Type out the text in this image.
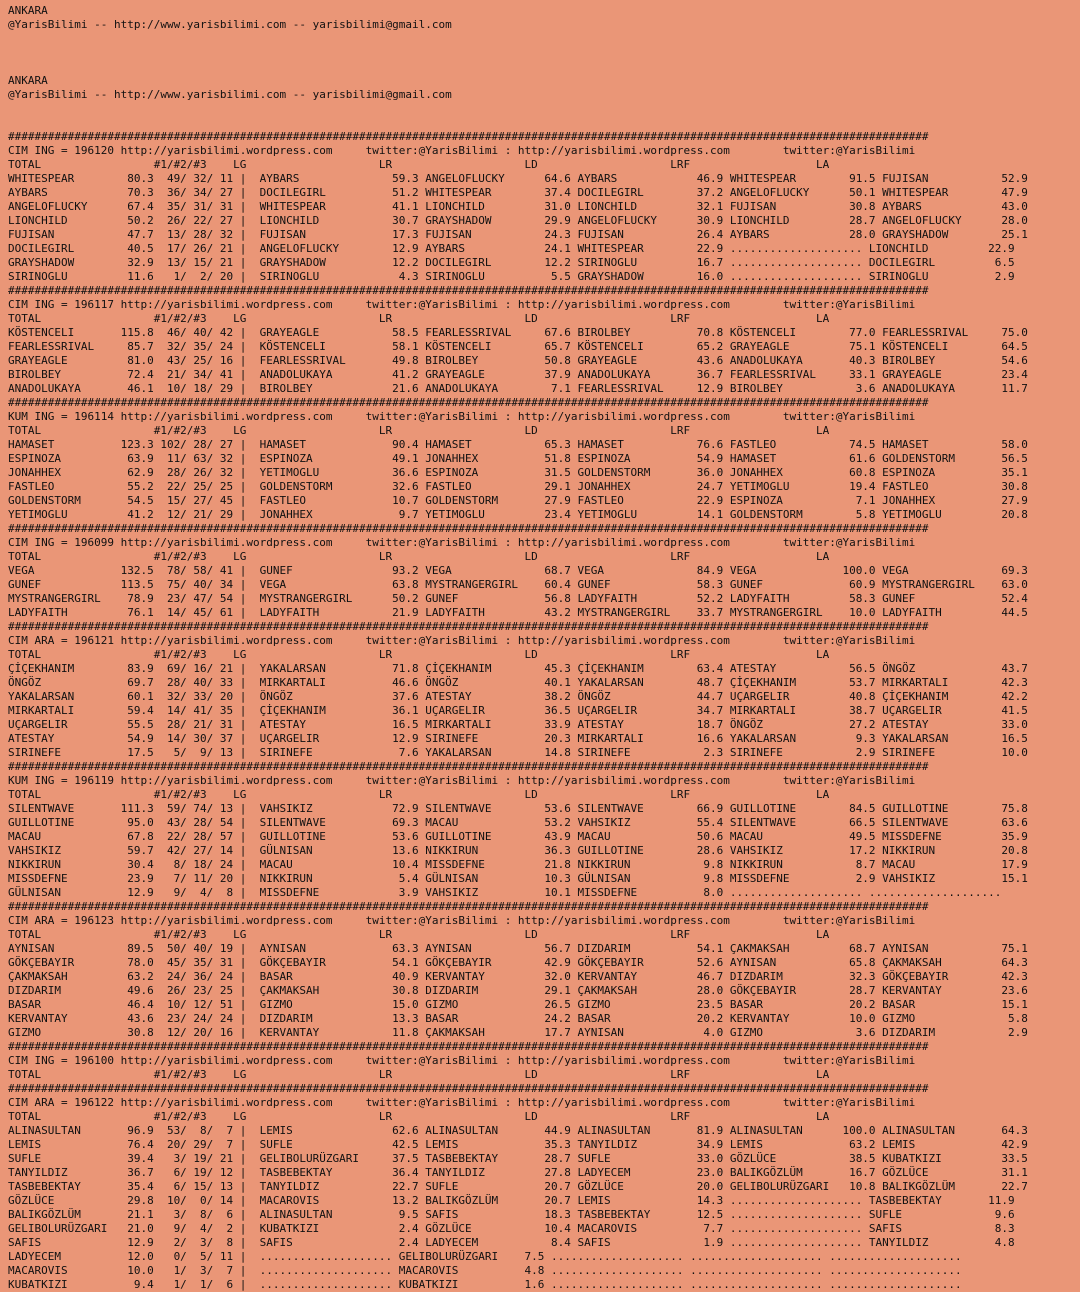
ANKARA
@YarisBilimi -- http://www.yarisbilimi.com -- yarisbilimi@gmail.com
ANKARA
@YarisBilimi -- http://www.yarisbilimi.com -- yarisbilimi@gmail.com
###########################################################################################################################################
CIM ING = 196120 http://yarisbilimi.wordpress.com     twitter:@YarisBilimi : http://yarisbilimi.wordpress.com        twitter:@YarisBilimi
TOTAL                 #1/#2/#3    LG                    LR                    LD                    LRF                   LA
WHITESPEAR        80.3  49/ 32/ 11 |  AYBARS              59.3 ANGELOFLUCKY      64.6 AYBARS            46.9 WHITESPEAR        91.5 FUJISAN           52.9
AYBARS            70.3  36/ 34/ 27 |  DOCILEGIRL          51.2 WHITESPEAR        37.4 DOCILEGIRL        37.2 ANGELOFLUCKY      50.1 WHITESPEAR        47.9
ANGELOFLUCKY      67.4  35/ 31/ 31 |  WHITESPEAR          41.1 LIONCHILD         31.0 LIONCHILD         32.1 FUJISAN           30.8 AYBARS            43.0
LIONCHILD         50.2  26/ 22/ 27 |  LIONCHILD           30.7 GRAYSHADOW        29.9 ANGELOFLUCKY      30.9 LIONCHILD         28.7 ANGELOFLUCKY      28.0
FUJISAN           47.7  13/ 28/ 32 |  FUJISAN             17.3 FUJISAN           24.3 FUJISAN           26.4 AYBARS            28.0 GRAYSHADOW        25.1
DOCILEGIRL        40.5  17/ 26/ 21 |  ANGELOFLUCKY        12.9 AYBARS            24.1 WHITESPEAR        22.9 .................... LIONCHILD         22.9
GRAYSHADOW        32.9  13/ 15/ 21 |  GRAYSHADOW          12.2 DOCILEGIRL        12.2 SIRINOGLU         16.7 .................... DOCILEGIRL         6.5
SIRINOGLU         11.6   1/  2/ 20 |  SIRINOGLU            4.3 SIRINOGLU          5.5 GRAYSHADOW        16.0 .................... SIRINOGLU          2.9
###########################################################################################################################################
CIM ING = 196117 http://yarisbilimi.wordpress.com     twitter:@YarisBilimi : http://yarisbilimi.wordpress.com        twitter:@YarisBilimi
TOTAL                 #1/#2/#3    LG                    LR                    LD                    LRF                   LA
KÖSTENCELI       115.8  46/ 40/ 42 |  GRAYEAGLE           58.5 FEARLESSRIVAL     67.6 BIROLBEY          70.8 KÖSTENCELI        77.0 FEARLESSRIVAL     75.0
FEARLESSRIVAL     85.7  32/ 35/ 24 |  KÖSTENCELI          58.1 KÖSTENCELI        65.7 KÖSTENCELI        65.2 GRAYEAGLE         75.1 KÖSTENCELI        64.5
GRAYEAGLE         81.0  43/ 25/ 16 |  FEARLESSRIVAL       49.8 BIROLBEY          50.8 GRAYEAGLE         43.6 ANADOLUKAYA       40.3 BIROLBEY          54.6
BIROLBEY          72.4  21/ 34/ 41 |  ANADOLUKAYA         41.2 GRAYEAGLE         37.9 ANADOLUKAYA       36.7 FEARLESSRIVAL     33.1 GRAYEAGLE         23.4
ANADOLUKAYA       46.1  10/ 18/ 29 |  BIROLBEY            21.6 ANADOLUKAYA        7.1 FEARLESSRIVAL     12.9 BIROLBEY           3.6 ANADOLUKAYA       11.7
###########################################################################################################################################
KUM ING = 196114 http://yarisbilimi.wordpress.com     twitter:@YarisBilimi : http://yarisbilimi.wordpress.com        twitter:@YarisBilimi
TOTAL                 #1/#2/#3    LG                    LR                    LD                    LRF                   LA
HAMASET          123.3 102/ 28/ 27 |  HAMASET             90.4 HAMASET           65.3 HAMASET           76.6 FASTLEO           74.5 HAMASET           58.0
ESPINOZA          63.9  11/ 63/ 32 |  ESPINOZA            49.1 JONAHHEX          51.8 ESPINOZA          54.9 HAMASET           61.6 GOLDENSTORM       56.5
JONAHHEX          62.9  28/ 26/ 32 |  YETIMOGLU           36.6 ESPINOZA          31.5 GOLDENSTORM       36.0 JONAHHEX          60.8 ESPINOZA          35.1
FASTLEO           55.2  22/ 25/ 25 |  GOLDENSTORM         32.6 FASTLEO           29.1 JONAHHEX          24.7 YETIMOGLU         19.4 FASTLEO           30.8
GOLDENSTORM       54.5  15/ 27/ 45 |  FASTLEO             10.7 GOLDENSTORM       27.9 FASTLEO           22.9 ESPINOZA           7.1 JONAHHEX          27.9
YETIMOGLU         41.2  12/ 21/ 29 |  JONAHHEX             9.7 YETIMOGLU         23.4 YETIMOGLU         14.1 GOLDENSTORM        5.8 YETIMOGLU         20.8
###########################################################################################################################################
CIM ING = 196099 http://yarisbilimi.wordpress.com     twitter:@YarisBilimi : http://yarisbilimi.wordpress.com        twitter:@YarisBilimi
TOTAL                 #1/#2/#3    LG                    LR                    LD                    LRF                   LA
VEGA             132.5  78/ 58/ 41 |  GUNEF               93.2 VEGA              68.7 VEGA              84.9 VEGA             100.0 VEGA              69.3
GUNEF            113.5  75/ 40/ 34 |  VEGA                63.8 MYSTRANGERGIRL    60.4 GUNEF             58.3 GUNEF             60.9 MYSTRANGERGIRL    63.0
MYSTRANGERGIRL    78.9  23/ 47/ 54 |  MYSTRANGERGIRL      50.2 GUNEF             56.8 LADYFAITH         52.2 LADYFAITH         58.3 GUNEF             52.4
LADYFAITH         76.1  14/ 45/ 61 |  LADYFAITH           21.9 LADYFAITH         43.2 MYSTRANGERGIRL    33.7 MYSTRANGERGIRL    10.0 LADYFAITH         44.5
###########################################################################################################################################
CIM ARA = 196121 http://yarisbilimi.wordpress.com     twitter:@YarisBilimi : http://yarisbilimi.wordpress.com        twitter:@YarisBilimi
TOTAL                 #1/#2/#3    LG                    LR                    LD                    LRF                   LA
ÇİÇEKHANIM        83.9  69/ 16/ 21 |  YAKALARSAN          71.8 ÇİÇEKHANIM        45.3 ÇİÇEKHANIM        63.4 ATESTAY           56.5 ÖNGÖZ             43.7
ÖNGÖZ             69.7  28/ 40/ 33 |  MIRKARTALI          46.6 ÖNGÖZ             40.1 YAKALARSAN        48.7 ÇİÇEKHANIM        53.7 MIRKARTALI        42.3
YAKALARSAN        60.1  32/ 33/ 20 |  ÖNGÖZ               37.6 ATESTAY           38.2 ÖNGÖZ             44.7 UÇARGELIR         40.8 ÇİÇEKHANIM        42.2
MIRKARTALI        59.4  14/ 41/ 35 |  ÇİÇEKHANIM          36.1 UÇARGELIR         36.5 UÇARGELIR         34.7 MIRKARTALI        38.7 UÇARGELIR         41.5
UÇARGELIR         55.5  28/ 21/ 31 |  ATESTAY             16.5 MIRKARTALI        33.9 ATESTAY           18.7 ÖNGÖZ             27.2 ATESTAY           33.0
ATESTAY           54.9  14/ 30/ 37 |  UÇARGELIR           12.9 SIRINEFE          20.3 MIRKARTALI        16.6 YAKALARSAN         9.3 YAKALARSAN        16.5
SIRINEFE          17.5   5/  9/ 13 |  SIRINEFE             7.6 YAKALARSAN        14.8 SIRINEFE           2.3 SIRINEFE           2.9 SIRINEFE          10.0
###########################################################################################################################################
KUM ING = 196119 http://yarisbilimi.wordpress.com     twitter:@YarisBilimi : http://yarisbilimi.wordpress.com        twitter:@YarisBilimi
TOTAL                 #1/#2/#3    LG                    LR                    LD                    LRF                   LA
SILENTWAVE       111.3  59/ 74/ 13 |  VAHSIKIZ            72.9 SILENTWAVE        53.6 SILENTWAVE        66.9 GUILLOTINE        84.5 GUILLOTINE        75.8
GUILLOTINE        95.0  43/ 28/ 54 |  SILENTWAVE          69.3 MACAU             53.2 VAHSIKIZ          55.4 SILENTWAVE        66.5 SILENTWAVE        63.6
MACAU             67.8  22/ 28/ 57 |  GUILLOTINE          53.6 GUILLOTINE        43.9 MACAU             50.6 MACAU             49.5 MISSDEFNE         35.9
VAHSIKIZ          59.7  42/ 27/ 14 |  GÜLNISAN            13.6 NIKKIRUN          36.3 GUILLOTINE        28.6 VAHSIKIZ          17.2 NIKKIRUN          20.8
NIKKIRUN          30.4   8/ 18/ 24 |  MACAU               10.4 MISSDEFNE         21.8 NIKKIRUN           9.8 NIKKIRUN           8.7 MACAU             17.9
MISSDEFNE         23.9   7/ 11/ 20 |  NIKKIRUN             5.4 GÜLNISAN          10.3 GÜLNISAN           9.8 MISSDEFNE          2.9 VAHSIKIZ          15.1
GÜLNISAN          12.9   9/  4/  8 |  MISSDEFNE            3.9 VAHSIKIZ          10.1 MISSDEFNE          8.0 .................... ....................
###########################################################################################################################################
CIM ARA = 196123 http://yarisbilimi.wordpress.com     twitter:@YarisBilimi : http://yarisbilimi.wordpress.com        twitter:@YarisBilimi
TOTAL                 #1/#2/#3    LG                    LR                    LD                    LRF                   LA
AYNISAN           89.5  50/ 40/ 19 |  AYNISAN             63.3 AYNISAN           56.7 DIZDARIM          54.1 ÇAKMAKSAH         68.7 AYNISAN           75.1
GÖKÇEBAYIR        78.0  45/ 35/ 31 |  GÖKÇEBAYIR          54.1 GÖKÇEBAYIR        42.9 GÖKÇEBAYIR        52.6 AYNISAN           65.8 ÇAKMAKSAH         64.3
ÇAKMAKSAH         63.2  24/ 36/ 24 |  BASAR               40.9 KERVANTAY         32.0 KERVANTAY         46.7 DIZDARIM          32.3 GÖKÇEBAYIR        42.3
DIZDARIM          49.6  26/ 23/ 25 |  ÇAKMAKSAH           30.8 DIZDARIM          29.1 ÇAKMAKSAH         28.0 GÖKÇEBAYIR        28.7 KERVANTAY         23.6
BASAR             46.4  10/ 12/ 51 |  GIZMO               15.0 GIZMO             26.5 GIZMO             23.5 BASAR             20.2 BASAR             15.1
KERVANTAY         43.6  23/ 24/ 24 |  DIZDARIM            13.3 BASAR             24.2 BASAR             20.2 KERVANTAY         10.0 GIZMO              5.8
GIZMO             30.8  12/ 20/ 16 |  KERVANTAY           11.8 ÇAKMAKSAH         17.7 AYNISAN            4.0 GIZMO              3.6 DIZDARIM           2.9
###########################################################################################################################################
CIM ING = 196100 http://yarisbilimi.wordpress.com     twitter:@YarisBilimi : http://yarisbilimi.wordpress.com        twitter:@YarisBilimi
TOTAL                 #1/#2/#3    LG                    LR                    LD                    LRF                   LA
###########################################################################################################################################
CIM ARA = 196122 http://yarisbilimi.wordpress.com     twitter:@YarisBilimi : http://yarisbilimi.wordpress.com        twitter:@YarisBilimi
TOTAL                 #1/#2/#3    LG                    LR                    LD                    LRF                   LA
ALINASULTAN       96.9  53/  8/  7 |  LEMIS               62.6 ALINASULTAN       44.9 ALINASULTAN       81.9 ALINASULTAN      100.0 ALINASULTAN       64.3
LEMIS             76.4  20/ 29/  7 |  SUFLE               42.5 LEMIS             35.3 TANYILDIZ         34.9 LEMIS             63.2 LEMIS             42.9
SUFLE             39.4   3/ 19/ 21 |  GELIBOLURÜZGARI     37.5 TASBEBEKTAY       28.7 SUFLE             33.0 GÖZLÜCE           38.5 KUBATKIZI         33.5
TANYILDIZ         36.7   6/ 19/ 12 |  TASBEBEKTAY         36.4 TANYILDIZ         27.8 LADYECEM          23.0 BALIKGÖZLÜM       16.7 GÖZLÜCE           31.1
TASBEBEKTAY       35.4   6/ 15/ 13 |  TANYILDIZ           22.7 SUFLE             20.7 GÖZLÜCE           20.0 GELIBOLURÜZGARI   10.8 BALIKGÖZLÜM       22.7
GÖZLÜCE           29.8  10/  0/ 14 |  MACAROVIS           13.2 BALIKGÖZLÜM       20.7 LEMIS             14.3 .................... TASBEBEKTAY       11.9
BALIKGÖZLÜM       21.1   3/  8/  6 |  ALINASULTAN          9.5 SAFIS             18.3 TASBEBEKTAY       12.5 .................... SUFLE              9.6
GELIBOLURÜZGARI   21.0   9/  4/  2 |  KUBATKIZI            2.4 GÖZLÜCE           10.4 MACAROVIS          7.7 .................... SAFIS              8.3
SAFIS             12.9   2/  3/  8 |  SAFIS                2.4 LADYECEM           8.4 SAFIS              1.9 .................... TANYILDIZ          4.8
LADYECEM          12.0   0/  5/ 11 |  .................... GELIBOLURÜZGARI    7.5 .................... .................... ....................
MACAROVIS         10.0   1/  3/  7 |  .................... MACAROVIS          4.8 .................... .................... ....................
KUBATKIZI          9.4   1/  1/  6 |  .................... KUBATKIZI          1.6 .................... .................... ....................
